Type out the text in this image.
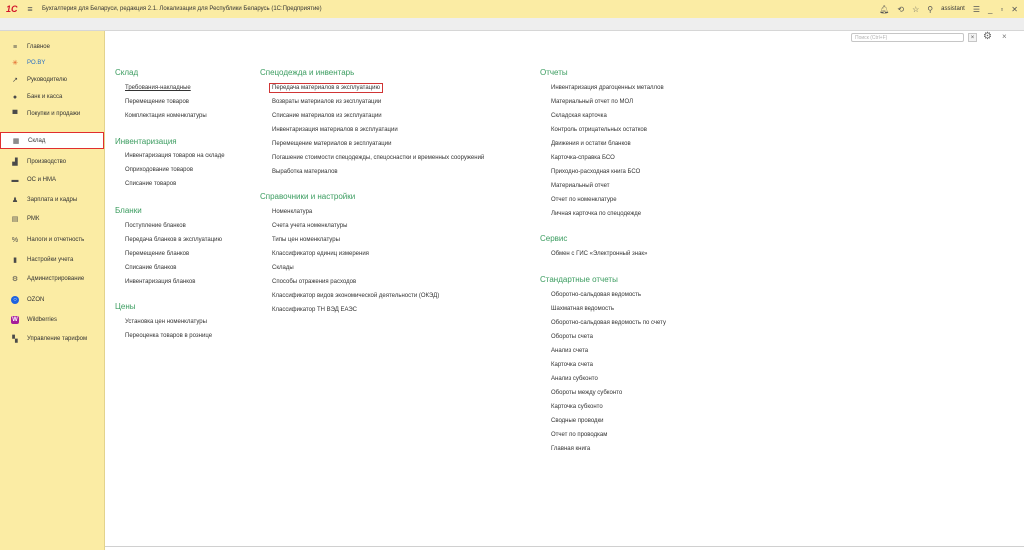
1С	≡	Бухгалтерия для Беларуси, редакция 2.1. Локализация для Республики Беларусь (1С:Предприятие)	🔔︎ ⟲ ☆ ⚲ assistant ☰ _ ▫ ✕
≡	Главное
✳	PO.BY
↗	Руководителю
●	Банк и касса
▀	Покупки и продажи
▦ Склад
▟	Производство
▬ ОС и НМА
♟	Зарплата и кадры
▤ РМК
%	Налоги и отчетность
▮	Настройки учета
⚙	Администрирование
○	OZON
W	Wildberries
▚	Управление тарифом
Поиск (Ctrl+F)	× ⚙ ×
Склад
Требования-накладные
Перемещение товаров
Комплектация номенклатуры
Инвентаризация
Инвентаризация товаров на складе
Оприходование товаров
Списание товаров
Бланки
Поступление бланков
Передача бланков в эксплуатацию
Перемещение бланков
Списание бланков
Инвентаризация бланков
Цены
Установка цен номенклатуры
Переоценка товаров в рознице
Спецодежда и инвентарь
Передача материалов в эксплуатацию
Возвраты материалов из эксплуатации
Списание материалов из эксплуатации
Инвентаризация материалов в эксплуатации
Перемещение материалов в эксплуатации
Погашение стоимости спецодежды, спецоснастки и временных сооружений
Выработка материалов
Справочники и настройки
Номенклатура
Счета учета номенклатуры
Типы цен номенклатуры
Классификатор единиц измерения
Склады
Способы отражения расходов
Классификатор видов экономической деятельности (ОКЭД)
Классификатор ТН ВЭД ЕАЭС
Отчеты
Инвентаризация драгоценных металлов
Материальный отчет по МОЛ
Складская карточка
Контроль отрицательных остатков
Движения и остатки бланков
Карточка-справка БСО
Приходно-расходная книга БСО
Материальный отчет
Отчет по номенклатуре
Личная карточка по спецодежде
Сервис
Обмен с ГИС «Электронный знак»
Стандартные отчеты
Оборотно-сальдовая ведомость
Шахматная ведомость
Оборотно-сальдовая ведомость по счету
Обороты счета
Анализ счета
Карточка счета
Анализ субконто
Обороты между субконто
Карточка субконто
Сводные проводки
Отчет по проводкам
Главная книга
